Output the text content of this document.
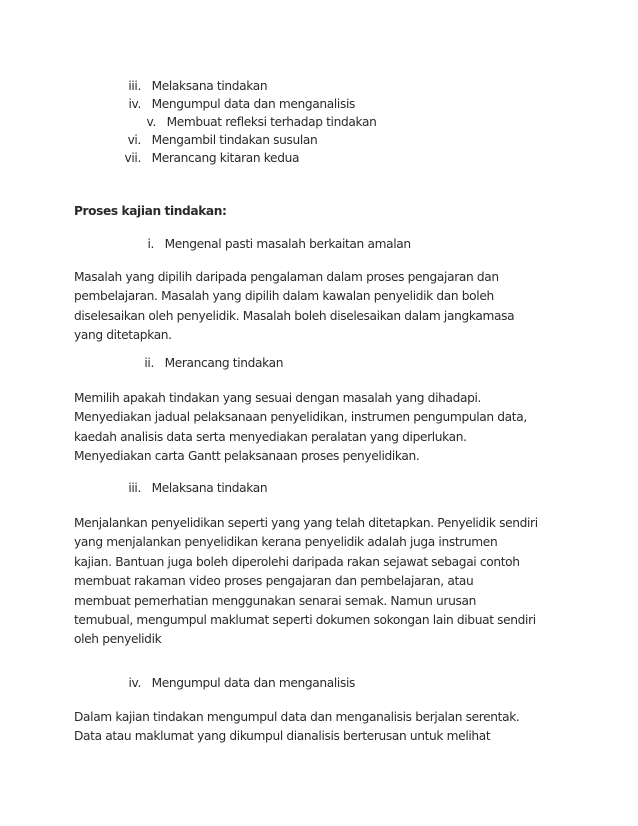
iii. Melaksana tindakan
iv. Mengumpul data dan menganalisis
v. Membuat refleksi terhadap tindakan
vi. Mengambil tindakan susulan
vii. Merancang kitaran kedua
Proses kajian tindakan:
i. Mengenal pasti masalah berkaitan amalan
Masalah yang dipilih daripada pengalaman dalam proses pengajaran dan
pembelajaran. Masalah yang dipilih dalam kawalan penyelidik dan boleh
diselesaikan oleh penyelidik. Masalah boleh diselesaikan dalam jangkamasa
yang ditetapkan.
ii. Merancang tindakan
Memilih apakah tindakan yang sesuai dengan masalah yang dihadapi.
Menyediakan jadual pelaksanaan penyelidikan, instrumen pengumpulan data,
kaedah analisis data serta menyediakan peralatan yang diperlukan.
Menyediakan carta Gantt pelaksanaan proses penyelidikan.
iii. Melaksana tindakan
Menjalankan penyelidikan seperti yang yang telah ditetapkan. Penyelidik sendiri
yang menjalankan penyelidikan kerana penyelidik adalah juga instrumen
kajian. Bantuan juga boleh diperolehi daripada rakan sejawat sebagai contoh
membuat rakaman video proses pengajaran dan pembelajaran, atau
membuat pemerhatian menggunakan senarai semak. Namun urusan
temubual, mengumpul maklumat seperti dokumen sokongan lain dibuat sendiri
oleh penyelidik
iv. Mengumpul data dan menganalisis
Dalam kajian tindakan mengumpul data dan menganalisis berjalan serentak.
Data atau maklumat yang dikumpul dianalisis berterusan untuk melihat
